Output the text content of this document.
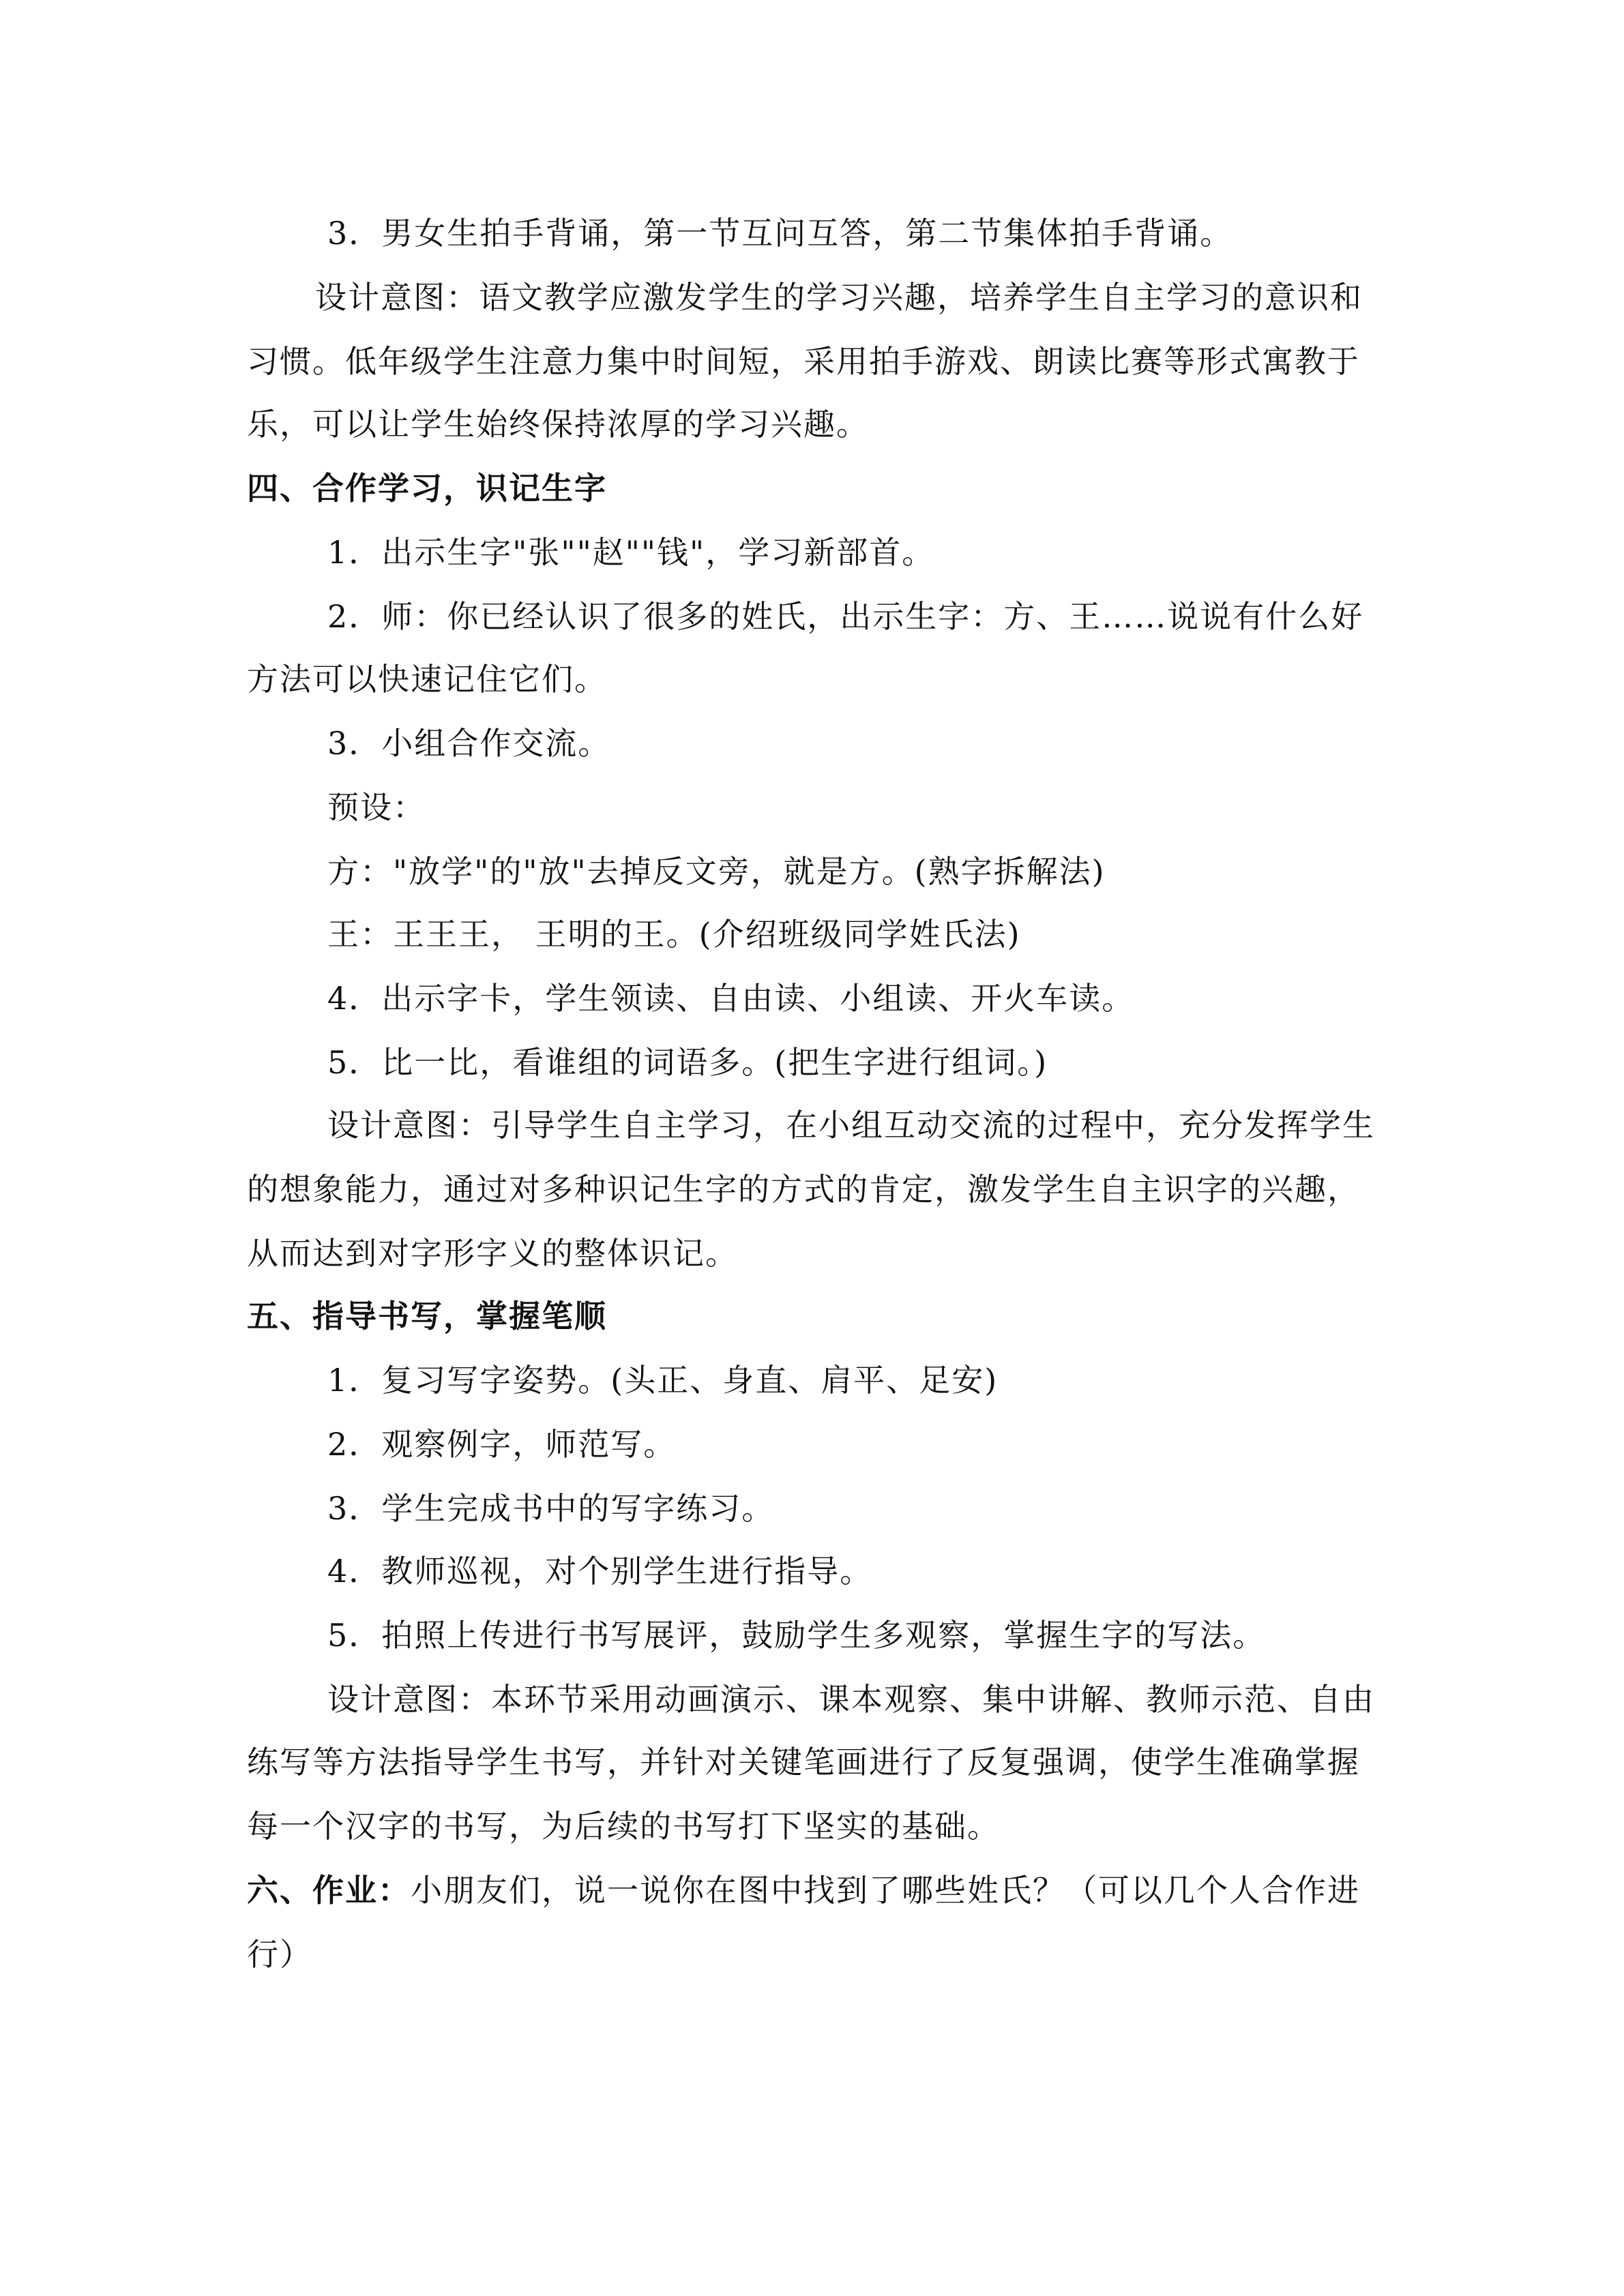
3．男女生拍手背诵，第一节互问互答，第二节集体拍手背诵。
设计意图：语文教学应激发学生的学习兴趣，培养学生自主学习的意识和
习惯。低年级学生注意力集中时间短，采用拍手游戏、朗读比赛等形式寓教于
乐，可以让学生始终保持浓厚的学习兴趣。
四、合作学习，识记生字
1．出示生字"张""赵""钱"，学习新部首。
2．师：你已经认识了很多的姓氏，出示生字：方、王……说说有什么好
方法可以快速记住它们。
3．小组合作交流。
预设：
方："放学"的"放"去掉反文旁，就是方。(熟字拆解法)
王：王王王， 王明的王。(介绍班级同学姓氏法)
4．出示字卡，学生领读、自由读、小组读、开火车读。
5．比一比，看谁组的词语多。(把生字进行组词。)
设计意图：引导学生自主学习，在小组互动交流的过程中，充分发挥学生
的想象能力，通过对多种识记生字的方式的肯定，激发学生自主识字的兴趣，
从而达到对字形字义的整体识记。
五、指导书写，掌握笔顺
1．复习写字姿势。(头正、身直、肩平、足安)
2．观察例字，师范写。
3．学生完成书中的写字练习。
4．教师巡视，对个别学生进行指导。
5．拍照上传进行书写展评，鼓励学生多观察，掌握生字的写法。
设计意图：本环节采用动画演示、课本观察、集中讲解、教师示范、自由
练写等方法指导学生书写，并针对关键笔画进行了反复强调，使学生准确掌握
每一个汉字的书写，为后续的书写打下坚实的基础。
六、作业：小朋友们，说一说你在图中找到了哪些姓氏？（可以几个人合作进
行）
